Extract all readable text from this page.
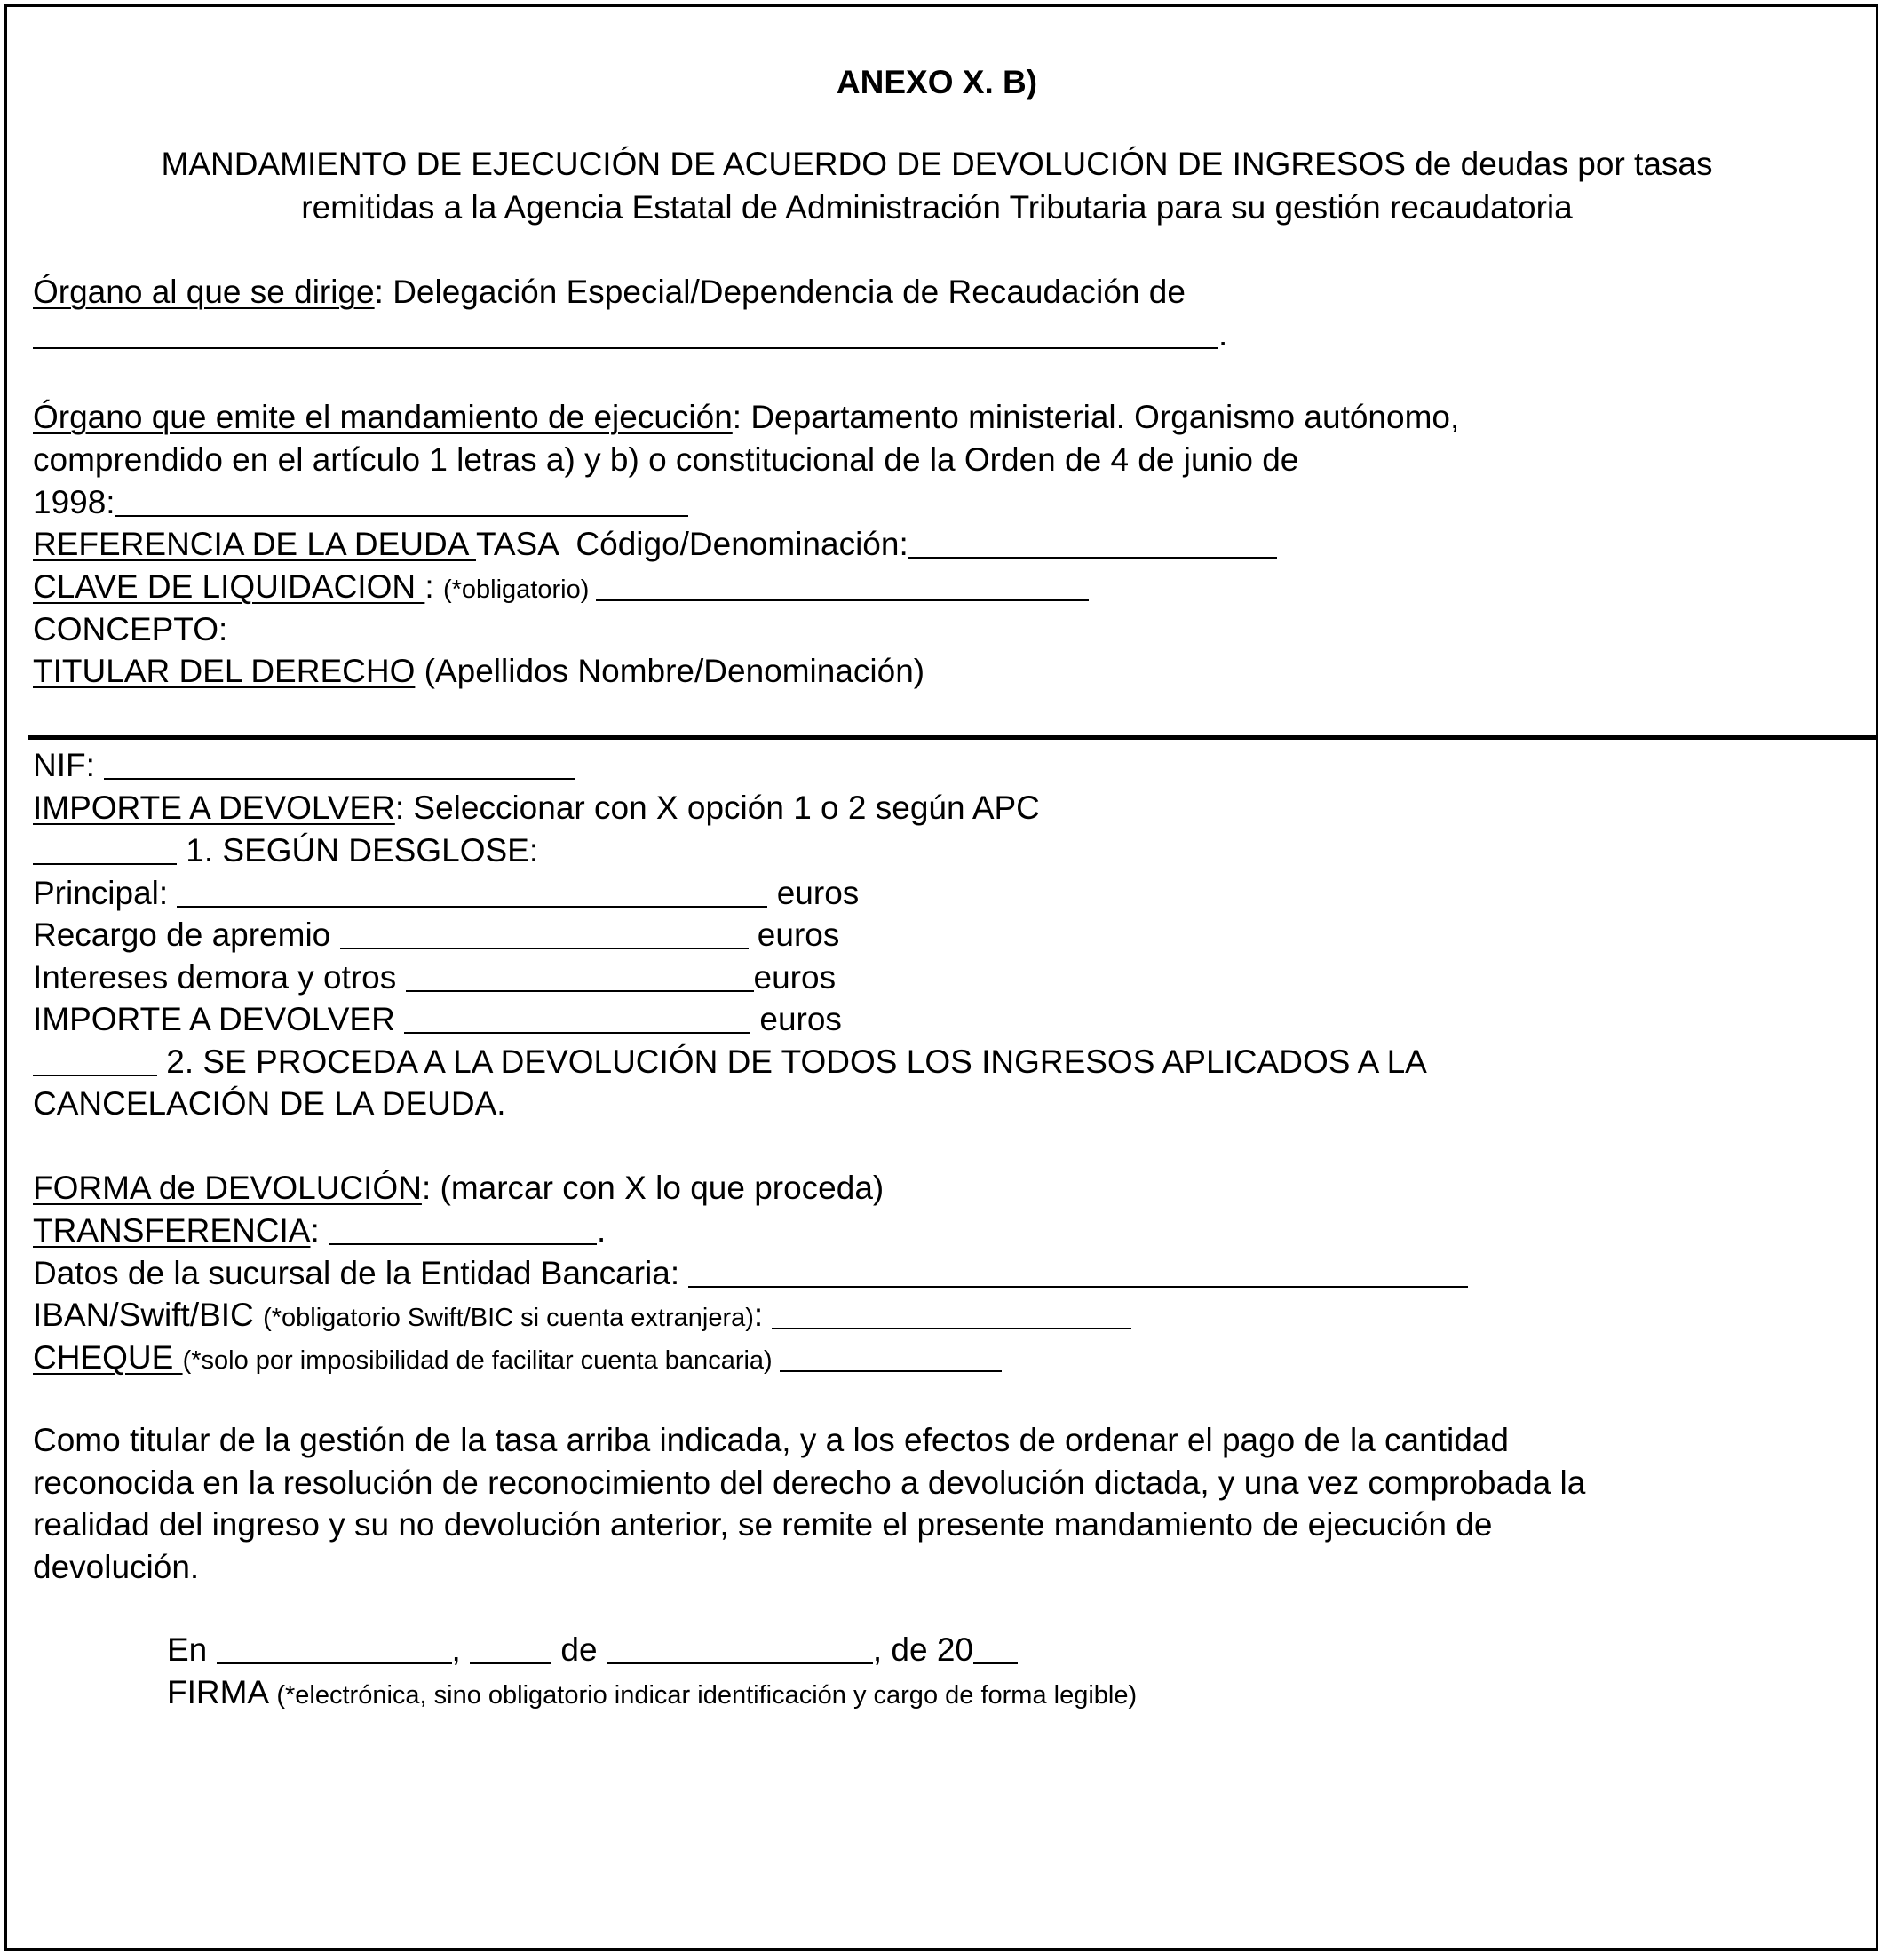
ANEXO X. B)
MANDAMIENTO DE EJECUCIÓN DE ACUERDO DE DEVOLUCIÓN DE INGRESOS de deudas por tasas
remitidas a la Agencia Estatal de Administración Tributaria para su gestión recaudatoria
Órgano al que se dirige: Delegación Especial/Dependencia de Recaudación de
.
Órgano que emite el mandamiento de ejecución: Departamento ministerial. Organismo autónomo,
comprendido en el artículo 1 letras a) y b) o constitucional de la Orden de 4 de junio de
1998:
REFERENCIA DE LA DEUDA TASA  Código/Denominación:
CLAVE DE LIQUIDACION : (*obligatorio)
CONCEPTO:
TITULAR DEL DERECHO (Apellidos Nombre/Denominación)
NIF:
IMPORTE A DEVOLVER: Seleccionar con X opción 1 o 2 según APC
1. SEGÚN DESGLOSE:
Principal:	euros
Recargo de apremio	euros
Intereses demora y otros	euros
IMPORTE A DEVOLVER	euros
2. SE PROCEDA A LA DEVOLUCIÓN DE TODOS LOS INGRESOS APLICADOS A LA
CANCELACIÓN DE LA DEUDA.
FORMA de DEVOLUCIÓN: (marcar con X lo que proceda)
TRANSFERENCIA:	.
Datos de la sucursal de la Entidad Bancaria:
IBAN/Swift/BIC (*obligatorio Swift/BIC si cuenta extranjera):
CHEQUE (*solo por imposibilidad de facilitar cuenta bancaria)
Como titular de la gestión de la tasa arriba indicada, y a los efectos de ordenar el pago de la cantidad
reconocida en la resolución de reconocimiento del derecho a devolución dictada, y una vez comprobada la
realidad del ingreso y su no devolución anterior, se remite el presente mandamiento de ejecución de
devolución.
En	,  de	, de 20
FIRMA (*electrónica, sino obligatorio indicar identificación y cargo de forma legible)
